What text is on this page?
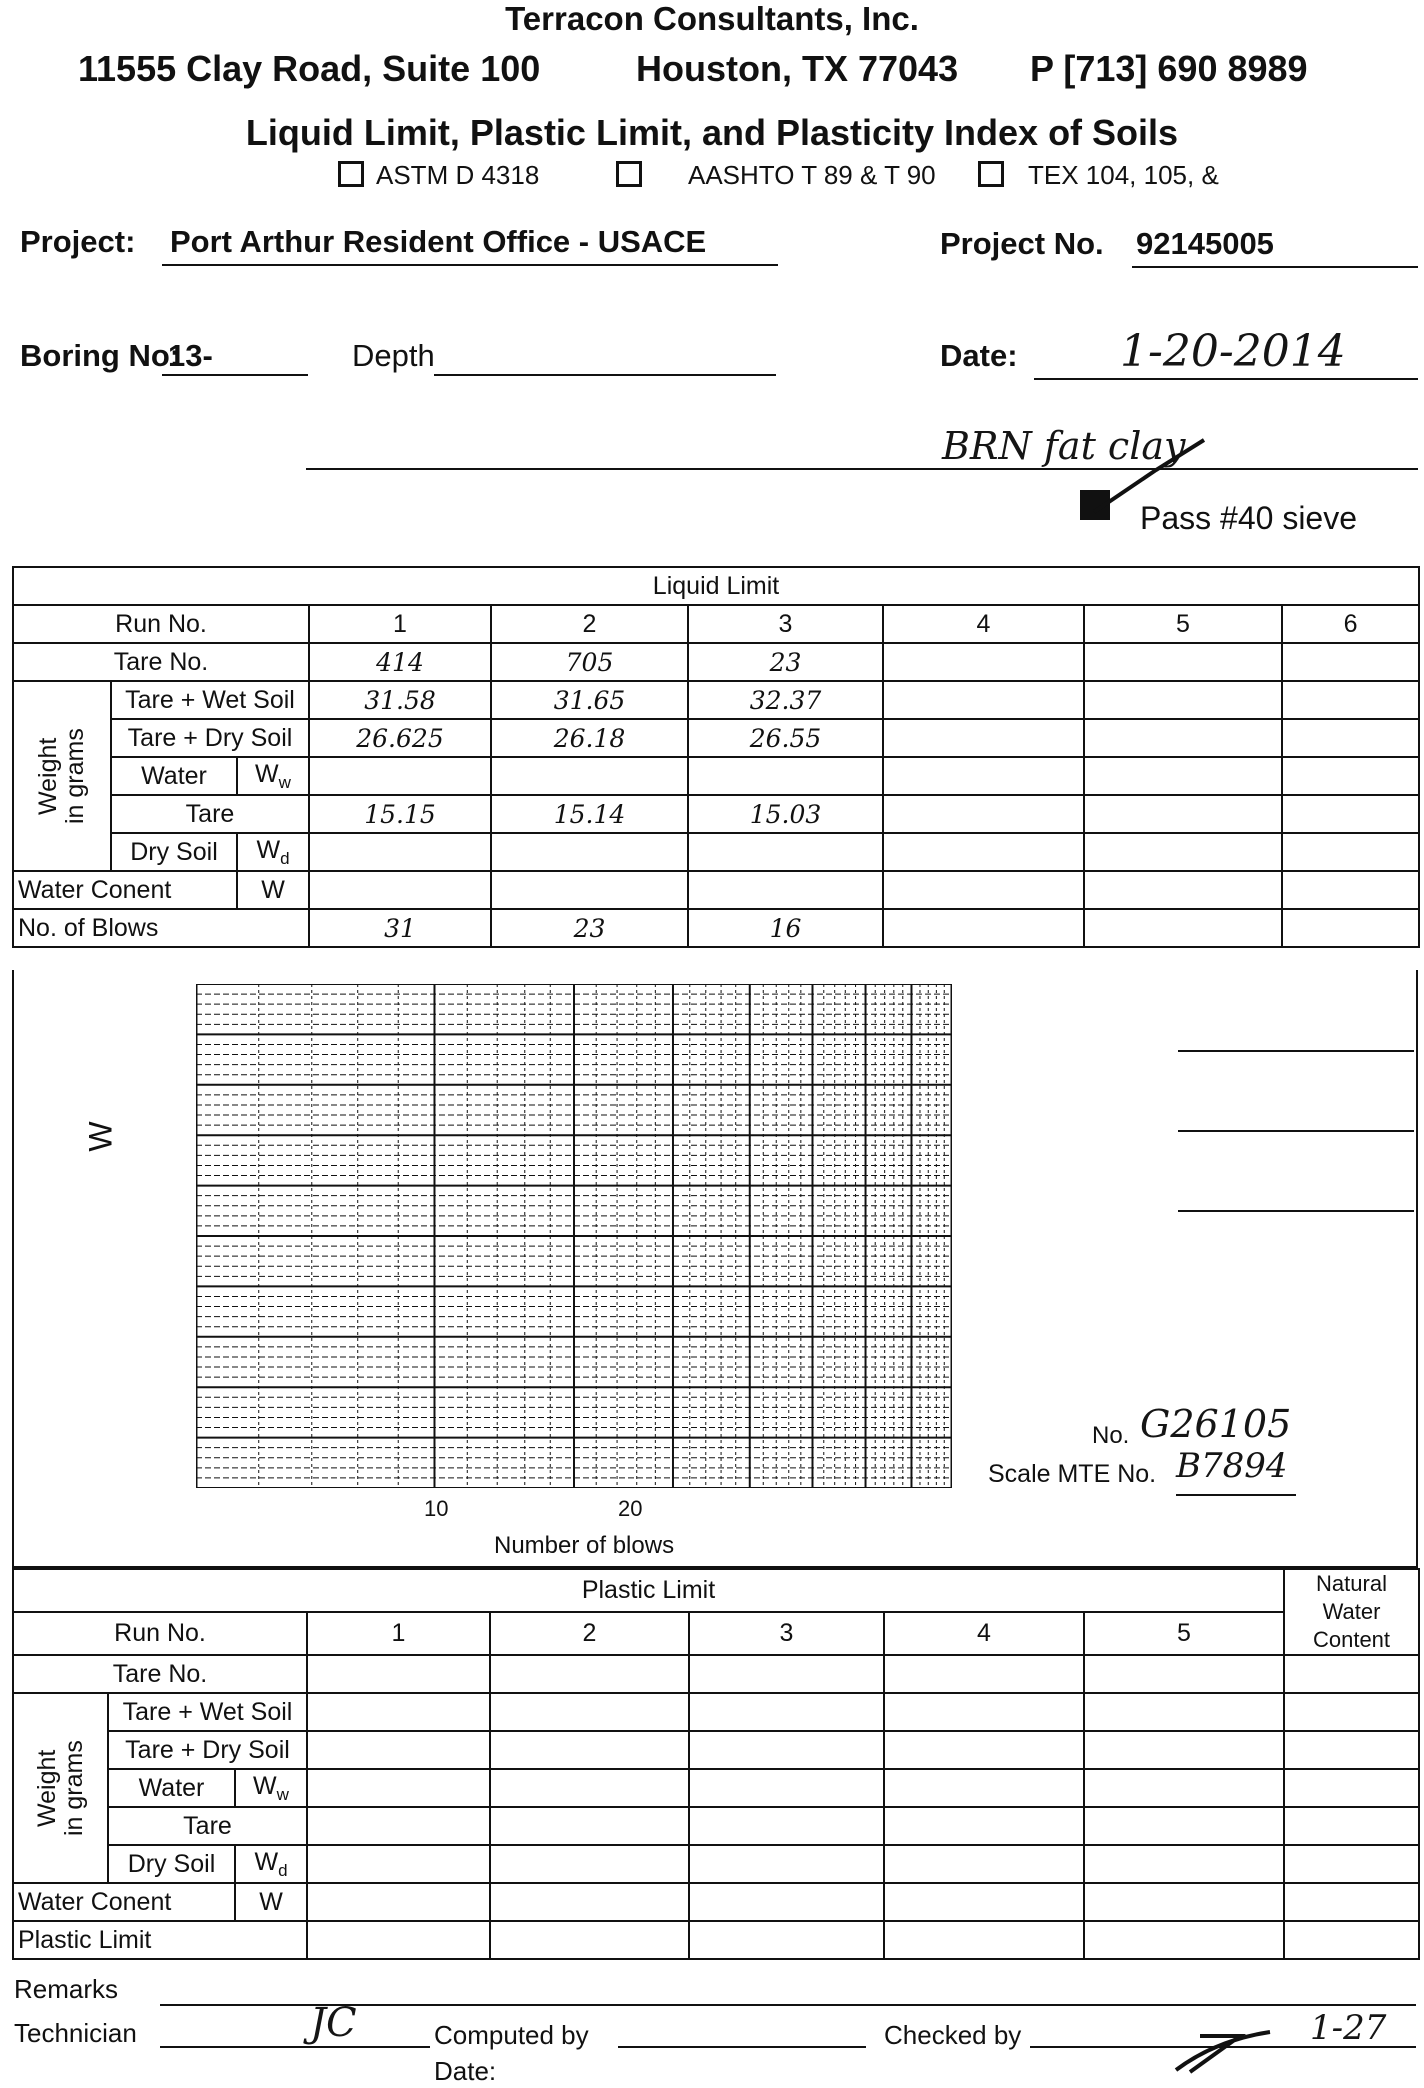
Terracon Consultants, Inc.
11555 Clay Road, Suite 100	Houston, TX 77043 P [713] 690 8989
Liquid Limit, Plastic Limit, and Plasticity Index of Soils
ASTM D 4318	AASHTO T 89 & T 90	TEX 104, 105, &
Project: Port Arthur Resident Office - USACE	Project No. 92145005
Boring No:
13-	Depth	Date: 1-20-2014
BRN fat clay
Pass #40 sieve
Liquid Limit								
Run No.			1	2	3	4	5	6
Tare No.			414	705	23			

Weight
in grams	Tare + Wet Soil		31.58	31.65	32.37			
	Tare + Dry Soil		26.625	26.18	26.55			
	Water	$W_w$						
	Tare		15.15	15.14	15.03			
	Dry Soil	$W_d$						
Water Conent		W						
No. of Blows			31	23	16			
W
10	20
Number of blows
No. G26105
Scale MTE No. B7894
Plastic Limit								Natural Water Content
Run No.			1	2	3	4	5	
Tare No.								

Weight
in grams	Tare + Wet Soil							
	Tare + Dry Soil							
	Water	$W_w$						
	Tare							
	Dry Soil	$W_d$						
Water Conent		W						
Plastic Limit								
Remarks
Technician	JC	Computed by
Date:
Checked by	1-27
